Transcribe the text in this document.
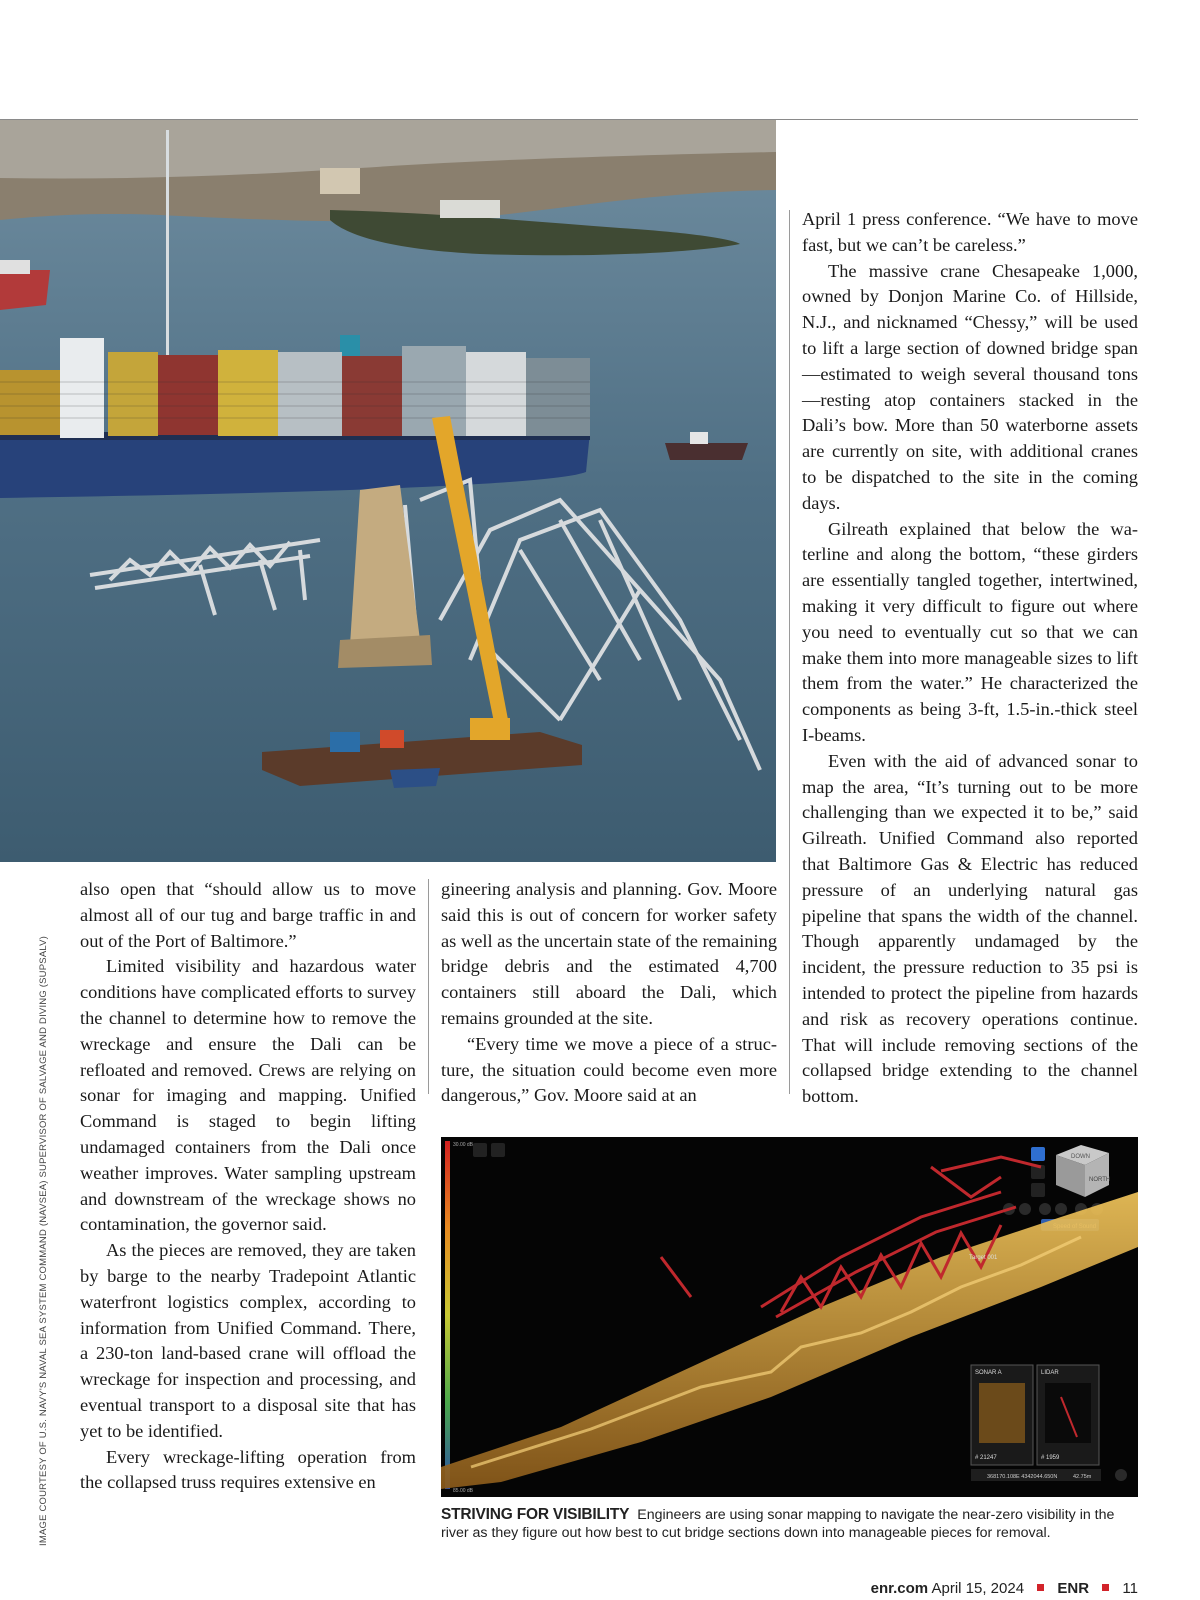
IMAGE COURTESY OF U.S. NAVY'S NAVAL SEA SYSTEM COMMAND (NAVSEA) SUPERVISOR OF SALVAGE AND DIVING (SUPSALV)

also open that “should allow us to move almost all of our tug and barge traffic in and out of the Port of Baltimore.”

Limited visibility and hazardous water conditions have complicated efforts to survey the channel to determine how to remove the wreckage and ensure the Dali can be refloated and removed. Crews are relying on sonar for imaging and mapping. Unified Command is staged to begin lifting undamaged containers from the Dali once weather improves. Water sampling upstream and downstream of the wreckage shows no contamination, the governor said.

As the pieces are removed, they are taken by barge to the nearby Tradepoint Atlantic waterfront logistics complex, according to information from Unified Command. There, a 230-ton land-based crane will offload the wreckage for inspection and processing, and eventual transport to a disposal site that has yet to be identified.

Every wreckage-lifting operation from the collapsed truss requires extensive en

gineering analysis and planning. Gov. Moore said this is out of concern for worker safety as well as the uncertain state of the remaining bridge debris and the estimated 4,700 containers still aboard the Dali, which remains grounded at the site.

“Every time we move a piece of a structure, the situation could become even more dangerous,” Gov. Moore said at an

April 1 press conference. “We have to move fast, but we can’t be careless.”

The massive crane Chesapeake 1,000, owned by Donjon Marine Co. of Hillside, N.J., and nicknamed “Chessy,” will be used to lift a large section of downed bridge span—estimated to weigh several thousand tons—resting atop containers stacked in the Dali’s bow. More than 50 waterborne assets are currently on site, with additional cranes to be dispatched to the site in the coming days.

Gilreath explained that below the waterline and along the bottom, “these girders are essentially tangled together, intertwined, making it very difficult to figure out where you need to eventually cut so that we can make them into more manageable sizes to lift them from the water.” He characterized the components as being 3-ft, 1.5-in.-thick steel I-beams.

Even with the aid of advanced sonar to map the area, “It’s turning out to be more challenging than we expected it to be,” said Gilreath. Unified Command also reported that Baltimore Gas & Electric has reduced pressure of an underlying natural gas pipeline that spans the width of the channel. Though apparently undamaged by the incident, the pressure reduction to 35 psi is intended to protect the pipeline from hazards and risk as recovery operations continue. That will include removing sections of the collapsed bridge extending to the channel bottom.

30.00 dB
85.00 dB
DOWN
NORTH
Target 001
SONAR A
# 21247
LIDAR
# 1959
368170.108E 4342044.650N	42.75m
STRIVING FOR VISIBILITY Engineers are using sonar mapping to navigate the near-zero visibility in the river as they figure out how best to cut bridge sections down into manageable pieces for removal.
enr.com April 15, 2024 ENR 11
